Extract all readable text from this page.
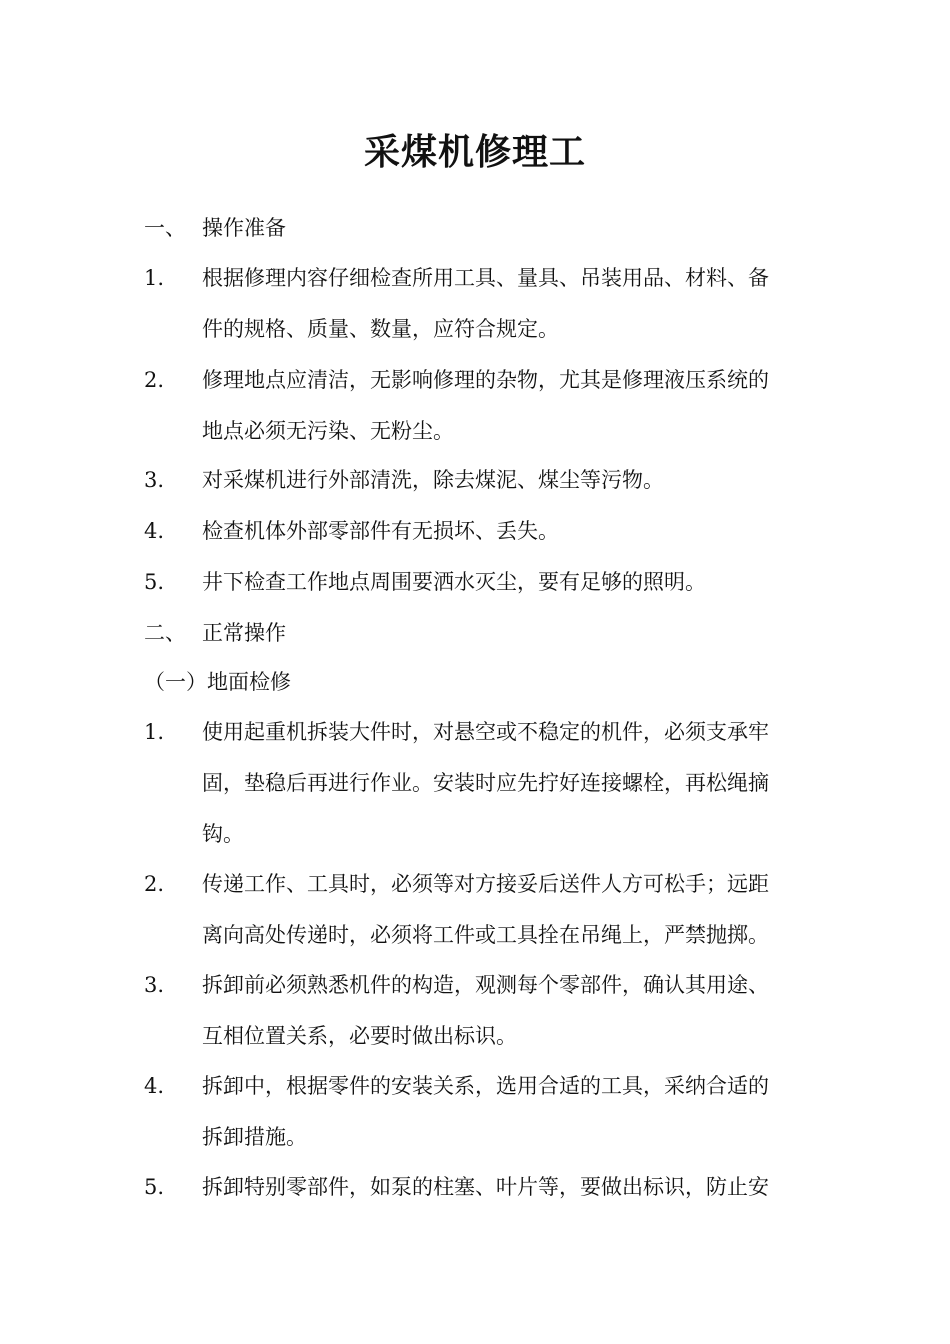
采煤机修理工
一、 操作准备
1. 根据修理内容仔细检查所用工具、量具、吊装用品、材料、备
件的规格、质量、数量，应符合规定。
2. 修理地点应清洁，无影响修理的杂物，尤其是修理液压系统的
地点必须无污染、无粉尘。
3. 对采煤机进行外部清洗，除去煤泥、煤尘等污物。
4. 检查机体外部零部件有无损坏、丢失。
5. 井下检查工作地点周围要洒水灭尘，要有足够的照明。
二、 正常操作
（一）地面检修
1. 使用起重机拆装大件时，对悬空或不稳定的机件，必须支承牢
固，垫稳后再进行作业。安装时应先拧好连接螺栓，再松绳摘
钩。
2. 传递工作、工具时，必须等对方接妥后送件人方可松手；远距
离向高处传递时，必须将工件或工具拴在吊绳上，严禁抛掷。
3. 拆卸前必须熟悉机件的构造，观测每个零部件，确认其用途、
互相位置关系，必要时做出标识。
4. 拆卸中，根据零件的安装关系，选用合适的工具，采纳合适的
拆卸措施。
5. 拆卸特别零部件，如泵的柱塞、叶片等，要做出标识，防止安
